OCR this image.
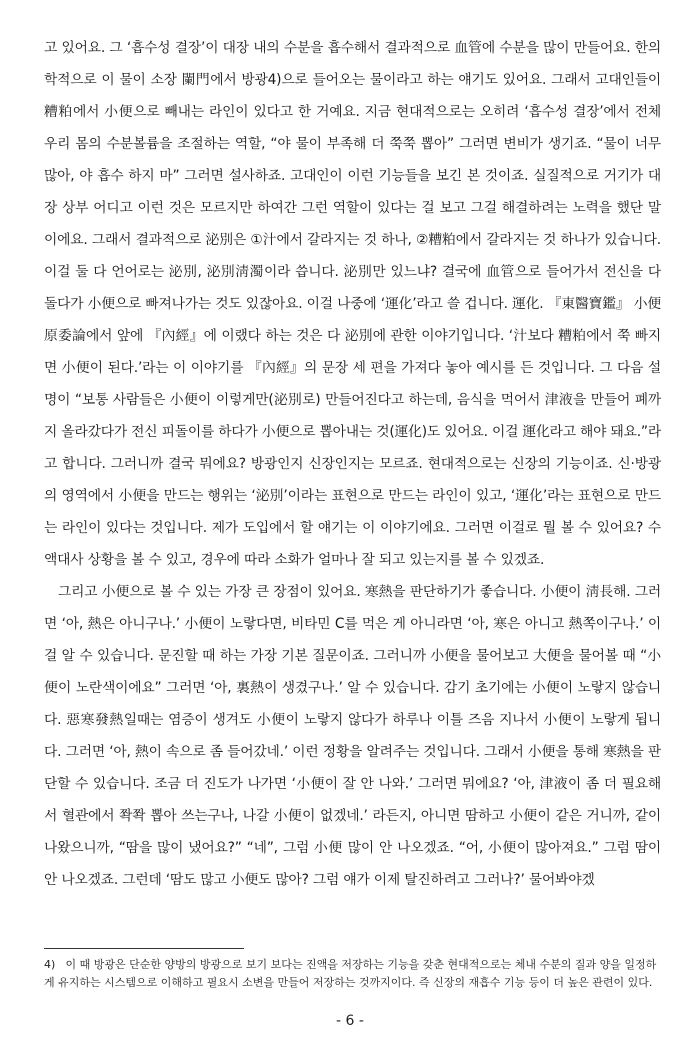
고 있어요. 그 ‘흡수성 결장’이 대장 내의 수분을 흡수해서 결과적으로 血管에 수분을 많이 만들어요. 한의학적으로 이 물이 소장 闌門에서 방광4)으로 들어오는 물이라고 하는 얘기도 있어요. 그래서 고대인들이 糟粕에서 小便으로 빼내는 라인이 있다고 한 거예요. 지금 현대적으로는 오히려 ‘흡수성 결장’에서 전체 우리 몸의 수분볼륨을 조절하는 역할, “야 물이 부족해 더 쭉쭉 뽑아” 그러면 변비가 생기죠. “물이 너무 많아, 야 흡수 하지 마” 그러면 설사하죠. 고대인이 이런 기능들을 보긴 본 것이죠. 실질적으로 거기가 대장 상부 어디고 이런 것은 모르지만 하여간 그런 역할이 있다는 걸 보고 그걸 해결하려는 노력을 했단 말이에요. 그래서 결과적으로 泌別은 ①汁에서 갈라지는 것 하나, ②糟粕에서 갈라지는 것 하나가 있습니다. 이걸 둘 다 언어로는 泌別, 泌別淸濁이라 씁니다. 泌別만 있느냐? 결국에 血管으로 들어가서 전신을 다 돌다가 小便으로 빠져나가는 것도 있잖아요. 이걸 나중에 ‘運化’라고 쓸 겁니다. 運化. 『東醫寶鑑』 小便原委論에서 앞에 『內經』에 이랬다 하는 것은 다 泌別에 관한 이야기입니다. ‘汁보다 糟粕에서 쭉 빠지면 小便이 된다.’라는 이 이야기를 『內經』의 문장 세 편을 가져다 놓아 예시를 든 것입니다. 그 다음 설명이 “보통 사람들은 小便이 이렇게만(泌別로) 만들어진다고 하는데, 음식을 먹어서 津液을 만들어 폐까지 올라갔다가 전신 피돌이를 하다가 小便으로 뽑아내는 것(運化)도 있어요. 이걸 運化라고 해야 돼요.”라고 합니다. 그러니까 결국 뭐에요? 방광인지 신장인지는 모르죠. 현대적으로는 신장의 기능이죠. 신·방광의 영역에서 小便을 만드는 행위는 ‘泌別’이라는 표현으로 만드는 라인이 있고, ‘運化’라는 표현으로 만드는 라인이 있다는 것입니다. 제가 도입에서 할 얘기는 이 이야기에요. 그러면 이걸로 뭘 볼 수 있어요? 수액대사 상황을 볼 수 있고, 경우에 따라 소화가 얼마나 잘 되고 있는지를 볼 수 있겠죠.

그리고 小便으로 볼 수 있는 가장 큰 장점이 있어요. 寒熱을 판단하기가 좋습니다. 小便이 淸長해. 그러면 ‘아, 熱은 아니구나.’ 小便이 노랗다면, 비타민 C를 먹은 게 아니라면 ‘아, 寒은 아니고 熱쪽이구나.’ 이걸 알 수 있습니다. 문진할 때 하는 가장 기본 질문이죠. 그러니까 小便을 물어보고 大便을 물어볼 때 “小便이 노란색이에요” 그러면 ‘아, 裏熱이 생겼구나.’ 알 수 있습니다. 감기 초기에는 小便이 노랗지 않습니다. 惡寒發熱일때는 염증이 생겨도 小便이 노랗지 않다가 하루나 이틀 즈음 지나서 小便이 노랗게 됩니다. 그러면 ‘아, 熱이 속으로 좀 들어갔네.’ 이런 정황을 알려주는 것입니다. 그래서 小便을 통해 寒熱을 판단할 수 있습니다. 조금 더 진도가 나가면 ‘小便이 잘 안 나와.’ 그러면 뭐에요? ‘아, 津液이 좀 더 필요해서 혈관에서 쫙쫙 뽑아 쓰는구나, 나갈 小便이 없겠네.’ 라든지, 아니면 땀하고 小便이 같은 거니까, 같이 나왔으니까, “땀을 많이 냈어요?” “네”, 그럼 小便 많이 안 나오겠죠. “어, 小便이 많아져요.” 그럼 땀이 안 나오겠죠. 그런데 ‘땀도 많고 小便도 많아? 그럼 얘가 이제 탈진하려고 그러나?’ 물어봐야겠

4) 이 때 방광은 단순한 양방의 방광으로 보기 보다는 진액을 저장하는 기능을 갖춘 현대적으로는 체내 수분의 질과 양을 일정하게 유지하는 시스템으로 이해하고 필요시 소변을 만들어 저장하는 것까지이다. 즉 신장의 재흡수 기능 등이 더 높은 관련이 있다.
- 6 -
